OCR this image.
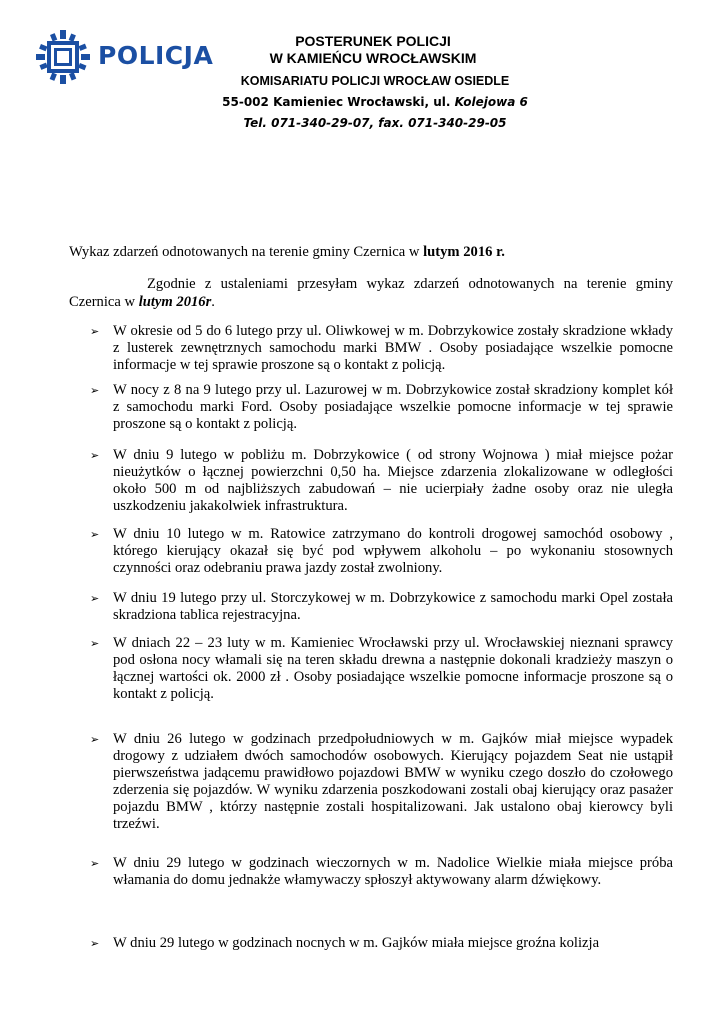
POLICJA	POSTERUNEK POLICJI
W KAMIEŃCU WROCŁAWSKIM
KOMISARIATU POLICJI WROCŁAW OSIEDLE
55-002 Kamieniec Wrocławski, ul. Kolejowa 6
Tel. 071-340-29-07, fax. 071-340-29-05
Wykaz zdarzeń odnotowanych na terenie gminy Czernica w lutym 2016 r.
Zgodnie z ustaleniami przesyłam wykaz zdarzeń odnotowanych na terenie gminy Czernica w lutym 2016r.
➢ W okresie od 5 do 6 lutego przy ul. Oliwkowej w m. Dobrzykowice zostały skradzione wkłady z lusterek zewnętrznych samochodu marki BMW . Osoby posiadające wszelkie pomocne informacje w tej sprawie proszone są o kontakt z policją.
➢ W nocy z 8 na 9 lutego przy ul. Lazurowej w m. Dobrzykowice został skradziony komplet kół z samochodu marki Ford. Osoby posiadające wszelkie pomocne informacje w tej sprawie proszone są o kontakt z policją.
➢ W dniu 9 lutego w pobliżu m. Dobrzykowice ( od strony Wojnowa ) miał miejsce pożar nieużytków o łącznej powierzchni 0,50 ha. Miejsce zdarzenia zlokalizowane w odległości około 500 m od najbliższych zabudowań – nie ucierpiały żadne osoby oraz nie uległa uszkodzeniu jakakolwiek infrastruktura.
➢ W dniu 10 lutego w m. Ratowice zatrzymano do kontroli drogowej samochód osobowy , którego kierujący okazał się być pod wpływem alkoholu – po wykonaniu stosownych czynności oraz odebraniu prawa jazdy został zwolniony.
➢ W dniu 19 lutego przy ul. Storczykowej w m. Dobrzykowice z samochodu marki Opel została skradziona tablica rejestracyjna.
➢ W dniach 22 – 23 luty w m. Kamieniec Wrocławski przy ul. Wrocławskiej nieznani sprawcy pod osłona nocy włamali się na teren składu drewna a następnie dokonali kradzieży maszyn o łącznej wartości ok. 2000 zł . Osoby posiadające wszelkie pomocne informacje proszone są o kontakt z policją.
➢ W dniu 26 lutego w godzinach przedpołudniowych w m. Gajków miał miejsce wypadek drogowy z udziałem dwóch samochodów osobowych. Kierujący pojazdem Seat nie ustąpił pierwszeństwa jadącemu prawidłowo pojazdowi BMW w wyniku czego doszło do czołowego zderzenia się pojazdów. W wyniku zdarzenia poszkodowani zostali obaj kierujący oraz pasażer pojazdu BMW , którzy następnie zostali hospitalizowani. Jak ustalono obaj kierowcy byli trzeźwi.
➢ W dniu 29 lutego w godzinach wieczornych w m. Nadolice Wielkie miała miejsce próba włamania do domu jednakże włamywaczy spłoszył aktywowany alarm dźwiękowy.
➢ W dniu 29 lutego w godzinach nocnych w m. Gajków miała miejsce groźna kolizja
